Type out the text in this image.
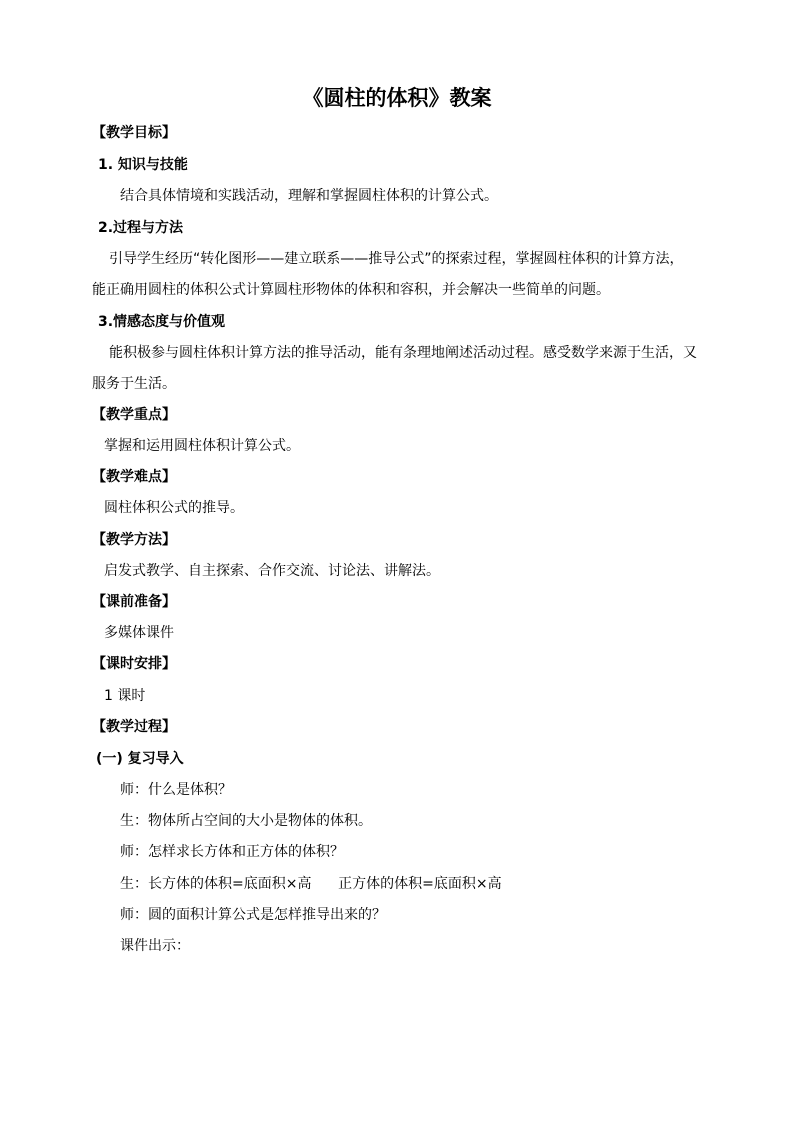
《圆柱的体积》教案
【教学目标】
1. 知识与技能
结合具体情境和实践活动，理解和掌握圆柱体积的计算公式。
2.过程与方法
引导学生经历“转化图形——建立联系——推导公式”的探索过程，掌握圆柱体积的计算方法，
能正确用圆柱的体积公式计算圆柱形物体的体积和容积，并会解决一些简单的问题。
3.情感态度与价值观
能积极参与圆柱体积计算方法的推导活动，能有条理地阐述活动过程。感受数学来源于生活，又
服务于生活。
【教学重点】
掌握和运用圆柱体积计算公式。
【教学难点】
圆柱体积公式的推导。
【教学方法】
启发式教学、自主探索、合作交流、讨论法、讲解法。
【课前准备】
多媒体课件
【课时安排】
1 课时
【教学过程】
(一) 复习导入
师：什么是体积？
生：物体所占空间的大小是物体的体积。
师：怎样求长方体和正方体的体积？
生：长方体的体积=底面积×高      正方体的体积=底面积×高
师：圆的面积计算公式是怎样推导出来的？
课件出示：
